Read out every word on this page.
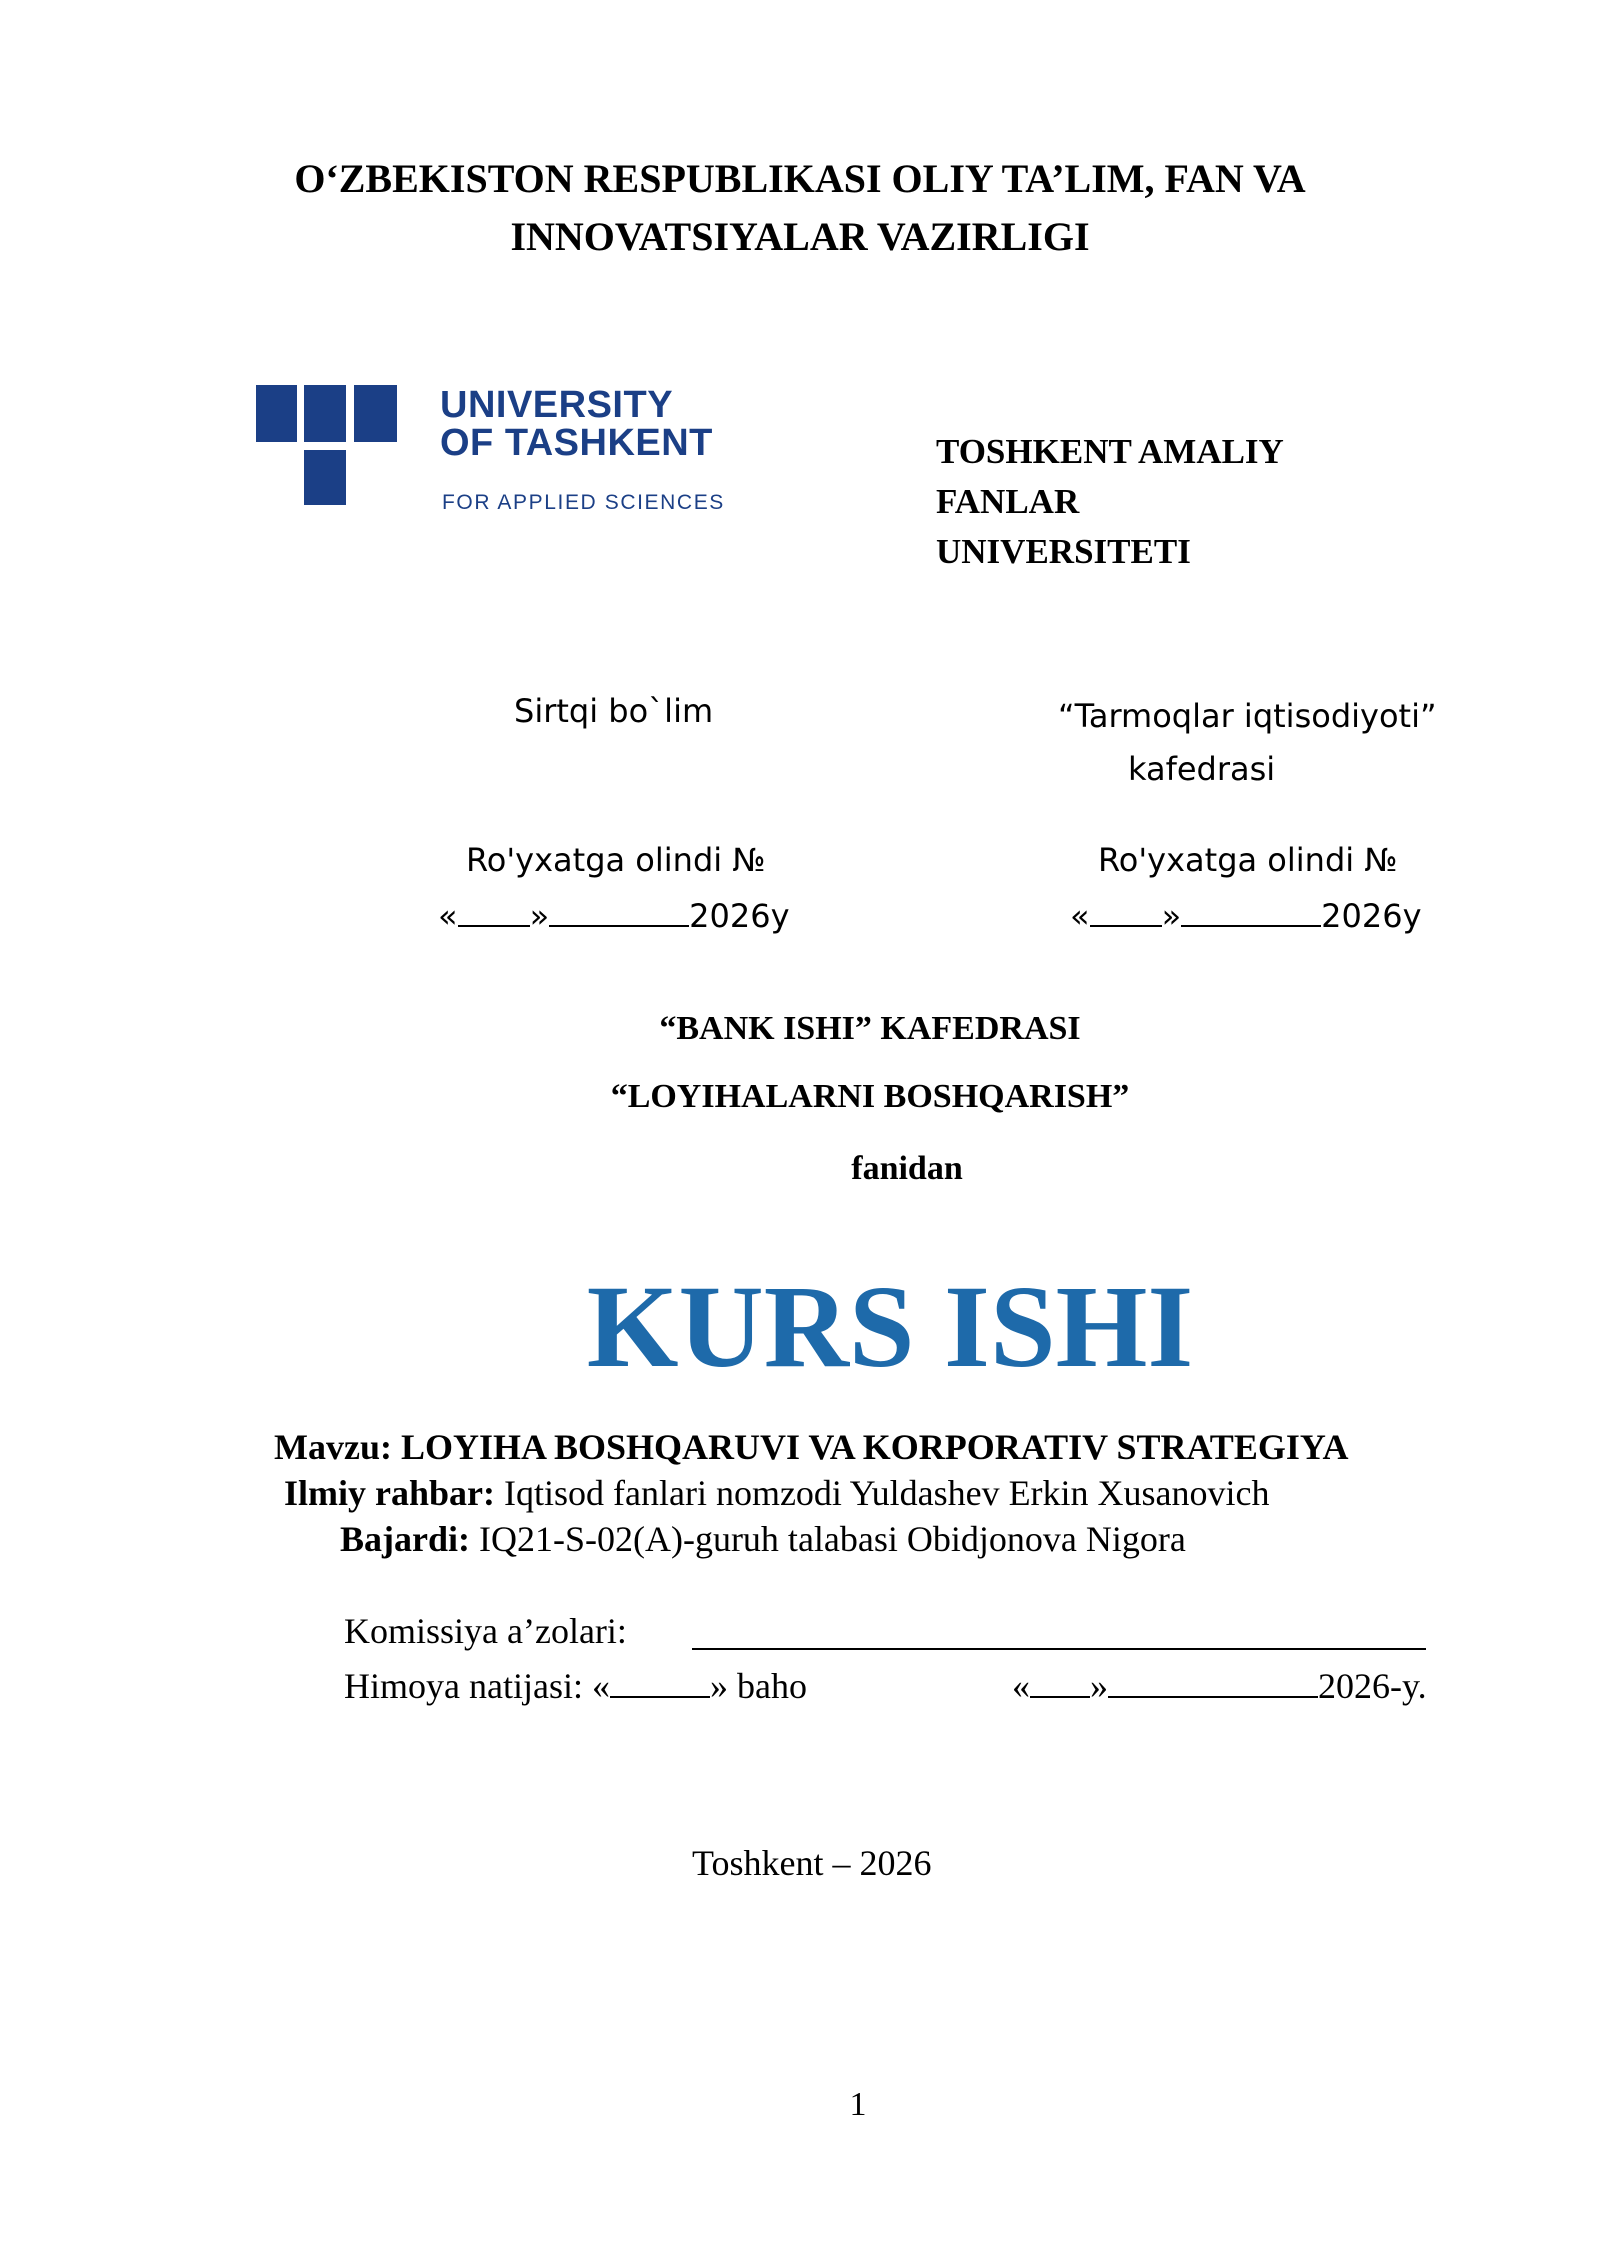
O‘ZBEKISTON RESPUBLIKASI OLIY TA’LIM, FAN VA
INNOVATSIYALAR VAZIRLIGI
UNIVERSITY
OF TASHKENT
FOR APPLIED SCIENCES
TOSHKENT AMALIY
FANLAR
UNIVERSITETI
Sirtqi bo`lim
Ro'yxatga olindi №
« »	2026y
“Tarmoqlar iqtisodiyoti”
kafedrasi
Ro'yxatga olindi №
« »	2026y
“BANK ISHI” KAFEDRASI
“LOYIHALARNI BOSHQARISH”
fanidan
KURS ISHI
Mavzu: LOYIHA BOSHQARUVI VA KORPORATIV STRATEGIYA
Ilmiy rahbar: Iqtisod fanlari nomzodi Yuldashev Erkin Xusanovich
Bajardi: IQ21-S-02(A)-guruh talabasi Obidjonova Nigora
Komissiya a’zolari:
Himoya natijasi: «	» baho	« »	2026-y.
Toshkent – 2026
1
